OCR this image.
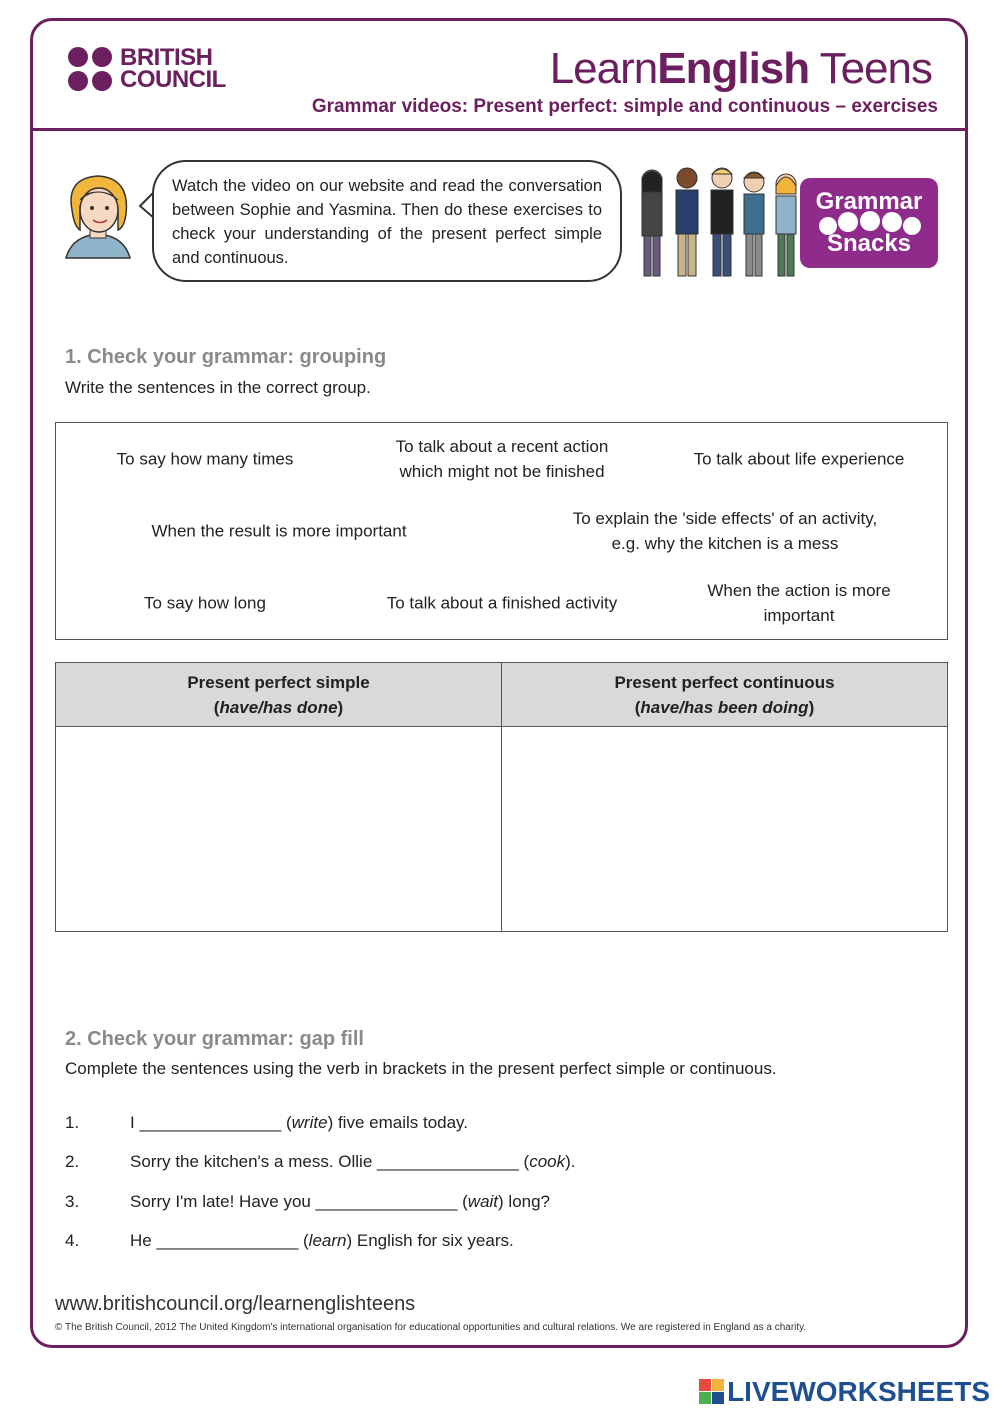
BRITISH
COUNCIL	LearnEnglish Teens
Grammar videos: Present perfect: simple and continuous – exercises
Watch the video on our website and read the conversation between Sophie and Yasmina. Then do these exercises to check your understanding of the present perfect simple and continuous.
Grammar
Snacks
1. Check your grammar: grouping
Write the sentences in the correct group.
To say how many times
To talk about a recent action
which might not be finished
To talk about life experience
When the result is more important
To explain the 'side effects' of an activity,
e.g. why the kitchen is a mess
To say how long	To talk about a finished activity
When the action is more
important
Present perfect simple
(have/has done)
Present perfect continuous
(have/has been doing)
2. Check your grammar: gap fill
Complete the sentences using the verb in brackets in the present perfect simple or continuous.
1.	I _______________ (write) five emails today.
2.	Sorry the kitchen's a mess. Ollie _______________ (cook).
3.	Sorry I'm late! Have you _______________ (wait) long?
4.	He _______________ (learn) English for six years.
www.britishcouncil.org/learnenglishteens
© The British Council, 2012 The United Kingdom's international organisation for educational opportunities and cultural relations. We are registered in England as a charity.
LIVEWORKSHEETS
